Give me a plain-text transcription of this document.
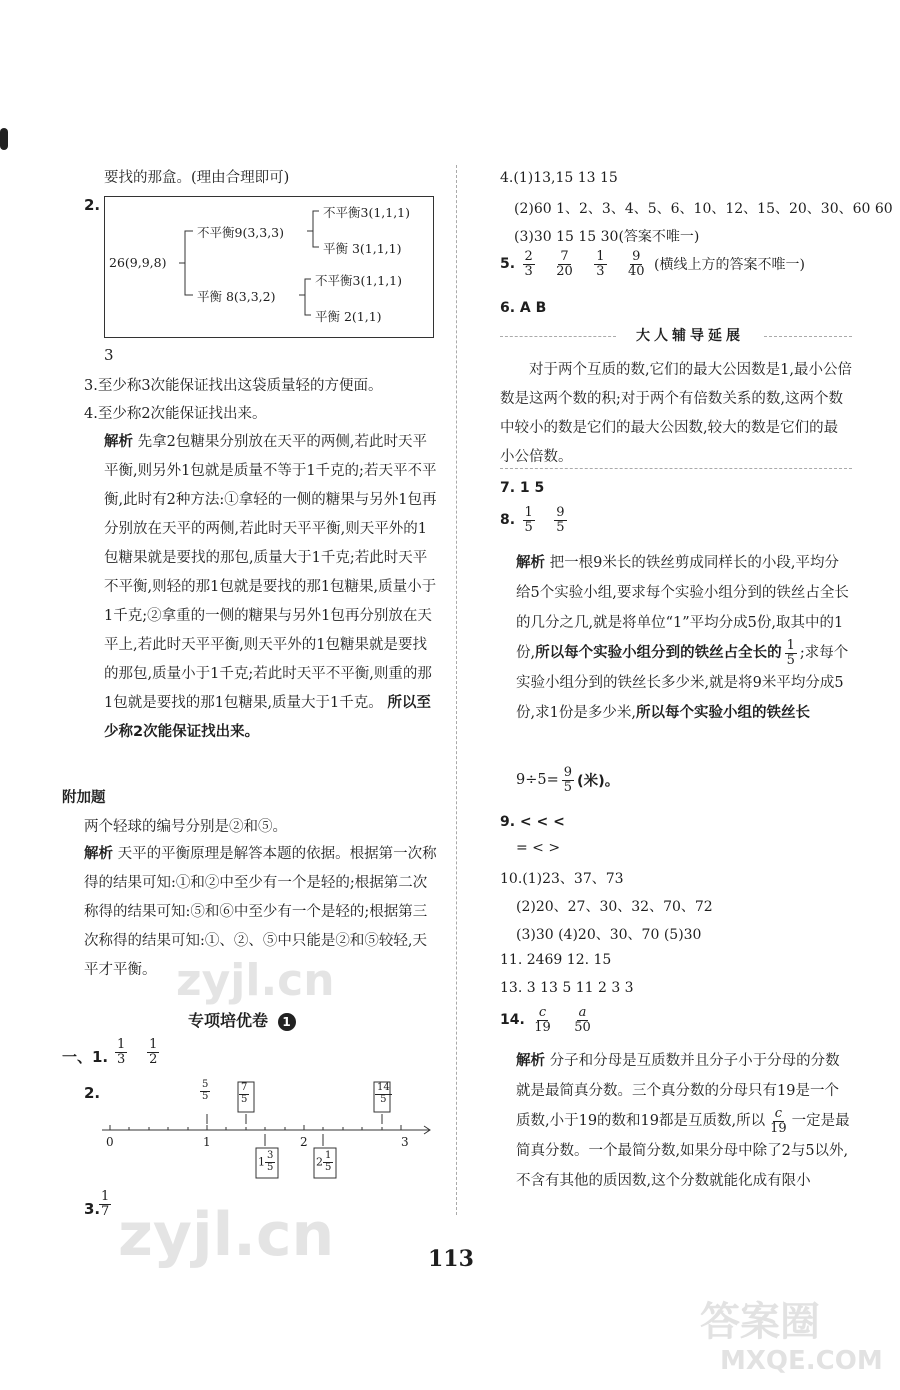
要找的那盒。(理由合理即可)
2.
26(9,9,8)
不平衡9(3,3,3)
平衡 8(3,3,2)
不平衡3(1,1,1)
平衡 3(1,1,1)
不平衡3(1,1,1)
平衡 2(1,1)
3
3.至少称3次能保证找出这袋质量轻的方便面。
4.至少称2次能保证找出来。
解析 先拿2包糖果分别放在天平的两侧,若此时天平平衡,则另外1包就是质量不等于1千克的;若天平不平衡,此时有2种方法:①拿轻的一侧的糖果与另外1包再分别放在天平的两侧,若此时天平平衡,则天平外的1包糖果就是要找的那包,质量大于1千克;若此时天平不平衡,则轻的那1包就是要找的那1包糖果,质量小于1千克;②拿重的一侧的糖果与另外1包再分别放在天平上,若此时天平平衡,则天平外的1包糖果就是要找的那包,质量小于1千克;若此时天平不平衡,则重的那1包就是要找的那1包糖果,质量大于1千克。 所以至少称2次能保证找出来。
附加题
两个轻球的编号分别是②和⑤。
解析 天平的平衡原理是解答本题的依据。根据第一次称得的结果可知:①和②中至少有一个是轻的;根据第二次称得的结果可知:⑤和⑥中至少有一个是轻的;根据第三次称得的结果可知:①、②、⑤中只能是②和⑤较轻,天平才平衡。
专项培优卷 1
一、1. $\frac{1}{3}$
$\frac{1}{2}$
2.
0	1	2	3
$\frac{5}{5}$	$\frac{7}{5}$	$\frac{14}{5}$
$1 \frac{3}{5}$	$2 \frac{1}{5}$
3.
$\frac{1}{7}$
4.(1)13,15 13 15
(2)60 1、2、3、4、5、6、10、12、15、20、30、60 60
(3)30 15 15 30(答案不唯一)
5. $\frac{2}{3}$
$\frac{7}{20}$
$\frac{1}{3}$
$\frac{9}{40}$ (横线上方的答案不唯一)
6. A B
大人辅导延展
对于两个互质的数,它们的最大公因数是1,最小公倍数是这两个数的积;对于两个有倍数关系的数,这两个数中较小的数是它们的最大公因数,较大的数是它们的最小公倍数。
7. 1 5
8. $\frac{1}{5}$
$\frac{9}{5}$
解析 把一根9米长的铁丝剪成同样长的小段,平均分给5个实验小组,要求每个实验小组分到的铁丝占全长的几分之几,就是将单位“1”平均分成5份,取其中的1份,所以每个实验小组分到的铁丝占全长的 $\frac{1}{5}$ ;求每个实验小组分到的铁丝长多少米,就是将9米平均分成5份,求1份是多少米,所以每个实验小组的铁丝长
$9\div 5= \frac{9}{5}$ (米)。
9. < < <
= < >
10.(1)23、37、73
(2)20、27、30、32、70、72
(3)30 (4)20、30、70 (5)30
11. 2469 12. 15
13. 3 13 5 11 2 3 3
14. $\frac{c}{19}$
$\frac{a}{50}$
解析 分子和分母是互质数并且分子小于分母的分数就是最简真分数。三个真分数的分母只有19是一个质数,小于19的数和19都是互质数,所以 $\frac{c}{19}$ 一定是最简真分数。一个最简分数,如果分母中除了2与5以外,不含有其他的质因数,这个分数就能化成有限小
113
zyjl.cn
zyjl.cn
答案圈
MXQE.COM
